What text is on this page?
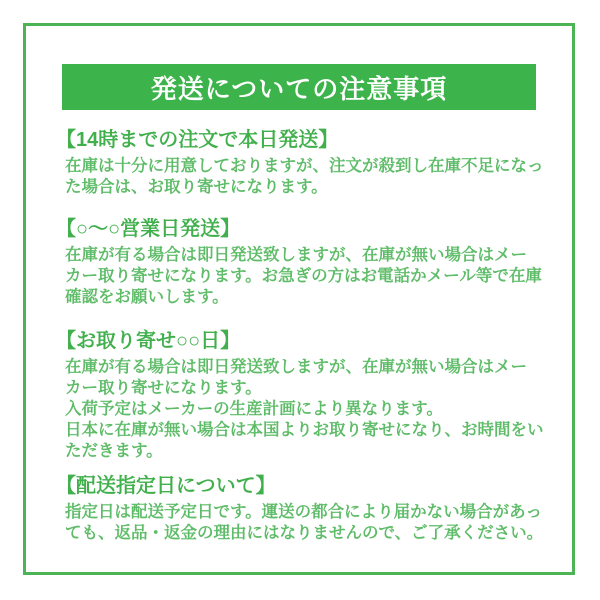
発送についての注意事項
【14時までの注文で本日発送】
在庫は十分に用意しておりますが、注文が殺到し在庫不足になっ
た場合は、お取り寄せになります。
【○～○営業日発送】
在庫が有る場合は即日発送致しますが、在庫が無い場合はメー
カー取り寄せになります。お急ぎの方はお電話かメール等で在庫
確認をお願いします。
【お取り寄せ○○日】
在庫が有る場合は即日発送致しますが、在庫が無い場合はメー
カー取り寄せになります。
入荷予定はメーカーの生産計画により異なります。
日本に在庫が無い場合は本国よりお取り寄せになり、お時間をい
ただきます。
【配送指定日について】
指定日は配送予定日です。運送の都合により届かない場合があっ
ても、返品・返金の理由にはなりませんので、ご了承ください。
